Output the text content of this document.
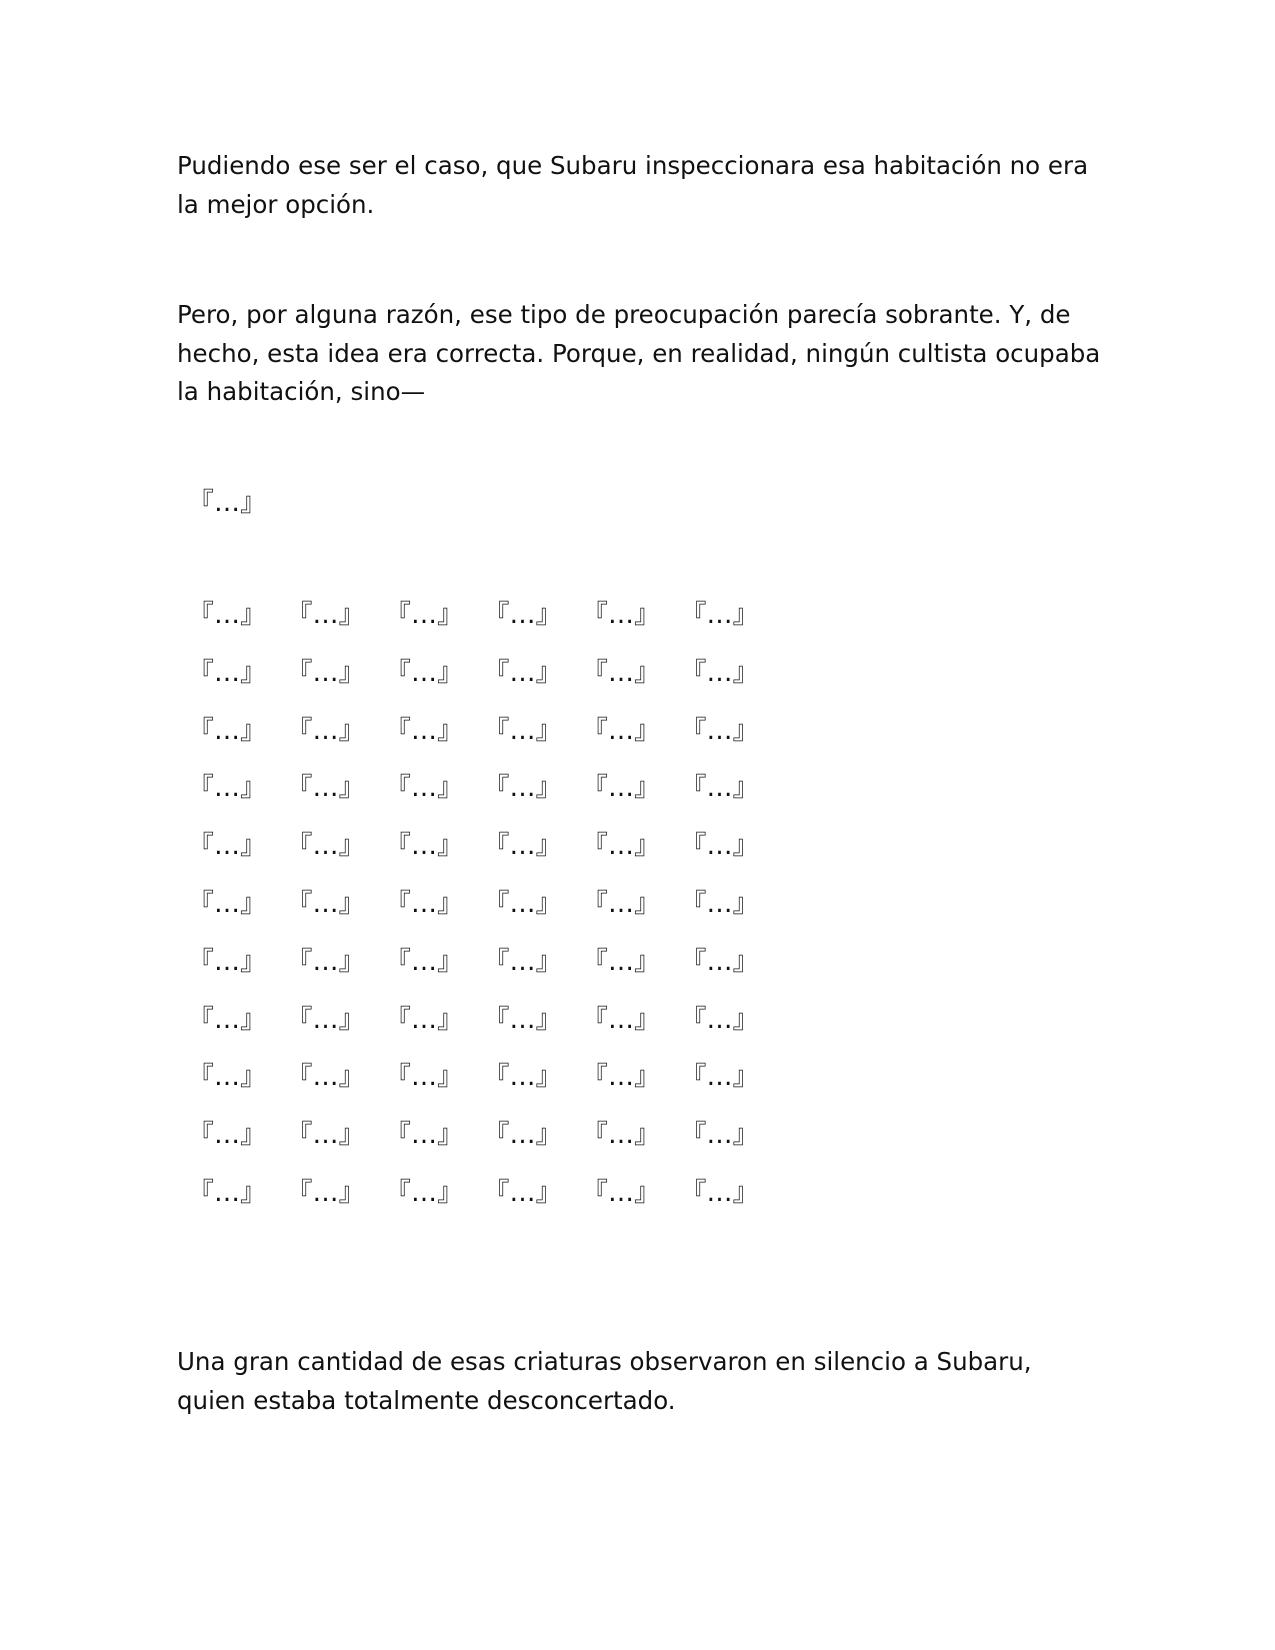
Pudiendo ese ser el caso, que Subaru inspeccionara esa habitación no era la mejor opción.

Pero, por alguna razón, ese tipo de preocupación parecía sobrante. Y, de hecho, esta idea era correcta. Porque, en realidad, ningún cultista ocupaba la habitación, sino—

『…』
『…』 『…』 『…』 『…』 『…』 『…』
『…』 『…』 『…』 『…』 『…』 『…』
『…』 『…』 『…』 『…』 『…』 『…』
『…』 『…』 『…』 『…』 『…』 『…』
『…』 『…』 『…』 『…』 『…』 『…』
『…』 『…』 『…』 『…』 『…』 『…』
『…』 『…』 『…』 『…』 『…』 『…』
『…』 『…』 『…』 『…』 『…』 『…』
『…』 『…』 『…』 『…』 『…』 『…』
『…』 『…』 『…』 『…』 『…』 『…』
『…』 『…』 『…』 『…』 『…』 『…』

Una gran cantidad de esas criaturas observaron en silencio a Subaru, quien estaba totalmente desconcertado.
